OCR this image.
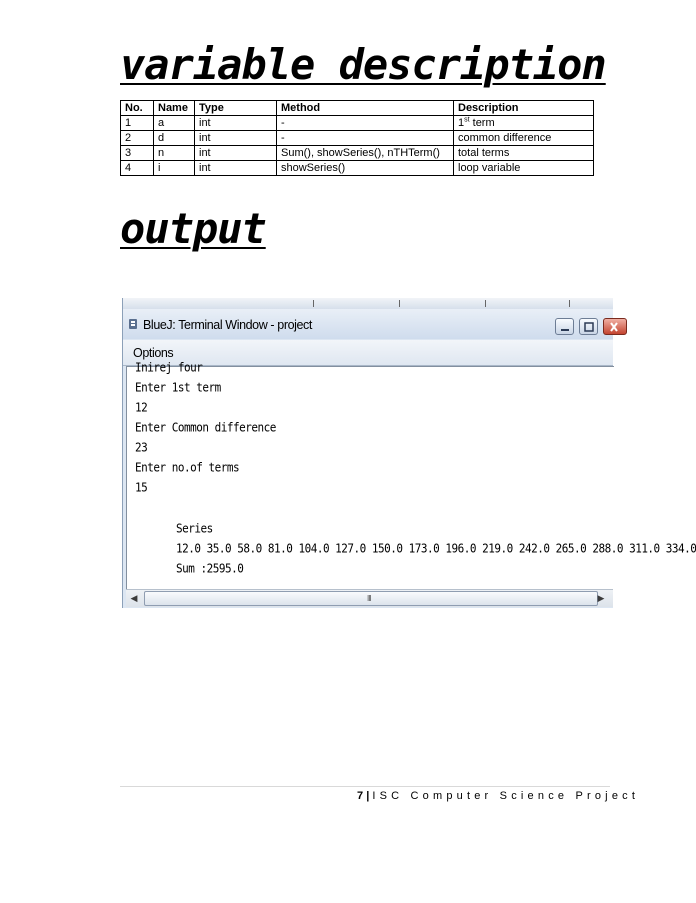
variable description
No.	Name	Type	Method	Description
1	a	int	-	1st term
2	d	int	-	common difference
3	n	int	Sum(), showSeries(), nTHTerm()	total terms
4	i	int	showSeries()	loop variable
output
BlueJ: Terminal Window - project
Options
Inirej four
Enter 1st term
12
Enter Common difference
23
Enter no.of terms
15
Series
12.0 35.0 58.0 81.0 104.0 127.0 150.0 173.0 196.0 219.0 242.0 265.0 288.0 311.0 334.0
Sum :2595.0
◀	III	▶
7 | ISC Computer Science Project
